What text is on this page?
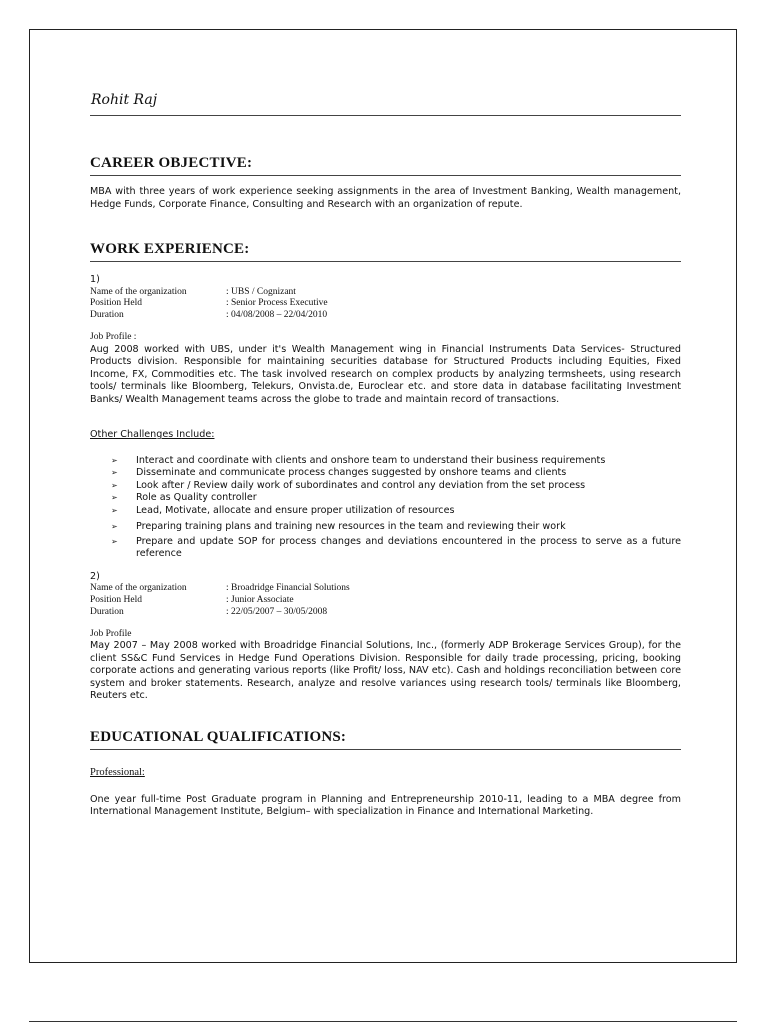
Rohit Raj
CAREER OBJECTIVE:

MBA with three years of work experience seeking assignments in the area of Investment Banking, Wealth management, Hedge Funds, Corporate Finance, Consulting and Research with an organization of repute.

WORK EXPERIENCE:
1)
Name of the organization	: UBS / Cognizant
Position Held	: Senior Process Executive
Duration	: 04/08/2008 – 22/04/2010
Job Profile :

Aug 2008 worked with UBS, under it's Wealth Management wing in Financial Instruments Data Services- Structured Products division. Responsible for maintaining securities database for Structured Products including Equities, Fixed Income, FX, Commodities etc. The task involved research on complex products by analyzing termsheets, using research tools/ terminals like Bloomberg, Telekurs, Onvista.de, Euroclear etc. and store data in database facilitating Investment Banks/ Wealth Management teams across the globe to trade and maintain record of transactions.

Other Challenges Include:
➢	Interact and coordinate with clients and onshore team to understand their business requirements
➢	Disseminate and communicate process changes suggested by onshore teams and clients
➢	Look after / Review daily work of subordinates and control any deviation from the set process
➢	Role as Quality controller
➢	Lead, Motivate, allocate and ensure proper utilization of resources
➢	Preparing training plans and training new resources in the team and reviewing their work
➢	Prepare and update SOP for process changes and deviations encountered in the process to serve as a future reference
2)
Name of the organization	: Broadridge Financial Solutions
Position Held	: Junior Associate
Duration	: 22/05/2007 – 30/05/2008
Job Profile

May 2007 – May 2008 worked with Broadridge Financial Solutions, Inc., (formerly ADP Brokerage Services Group), for the client SS&C Fund Services in Hedge Fund Operations Division. Responsible for daily trade processing, pricing, booking corporate actions and generating various reports (like Profit/ loss, NAV etc). Cash and holdings reconciliation between core system and broker statements. Research, analyze and resolve variances using research tools/ terminals like Bloomberg, Reuters etc.

EDUCATIONAL QUALIFICATIONS:
Professional:

One year full-time Post Graduate program in Planning and Entrepreneurship 2010-11, leading to a MBA degree from International Management Institute, Belgium– with specialization in Finance and International Marketing.
